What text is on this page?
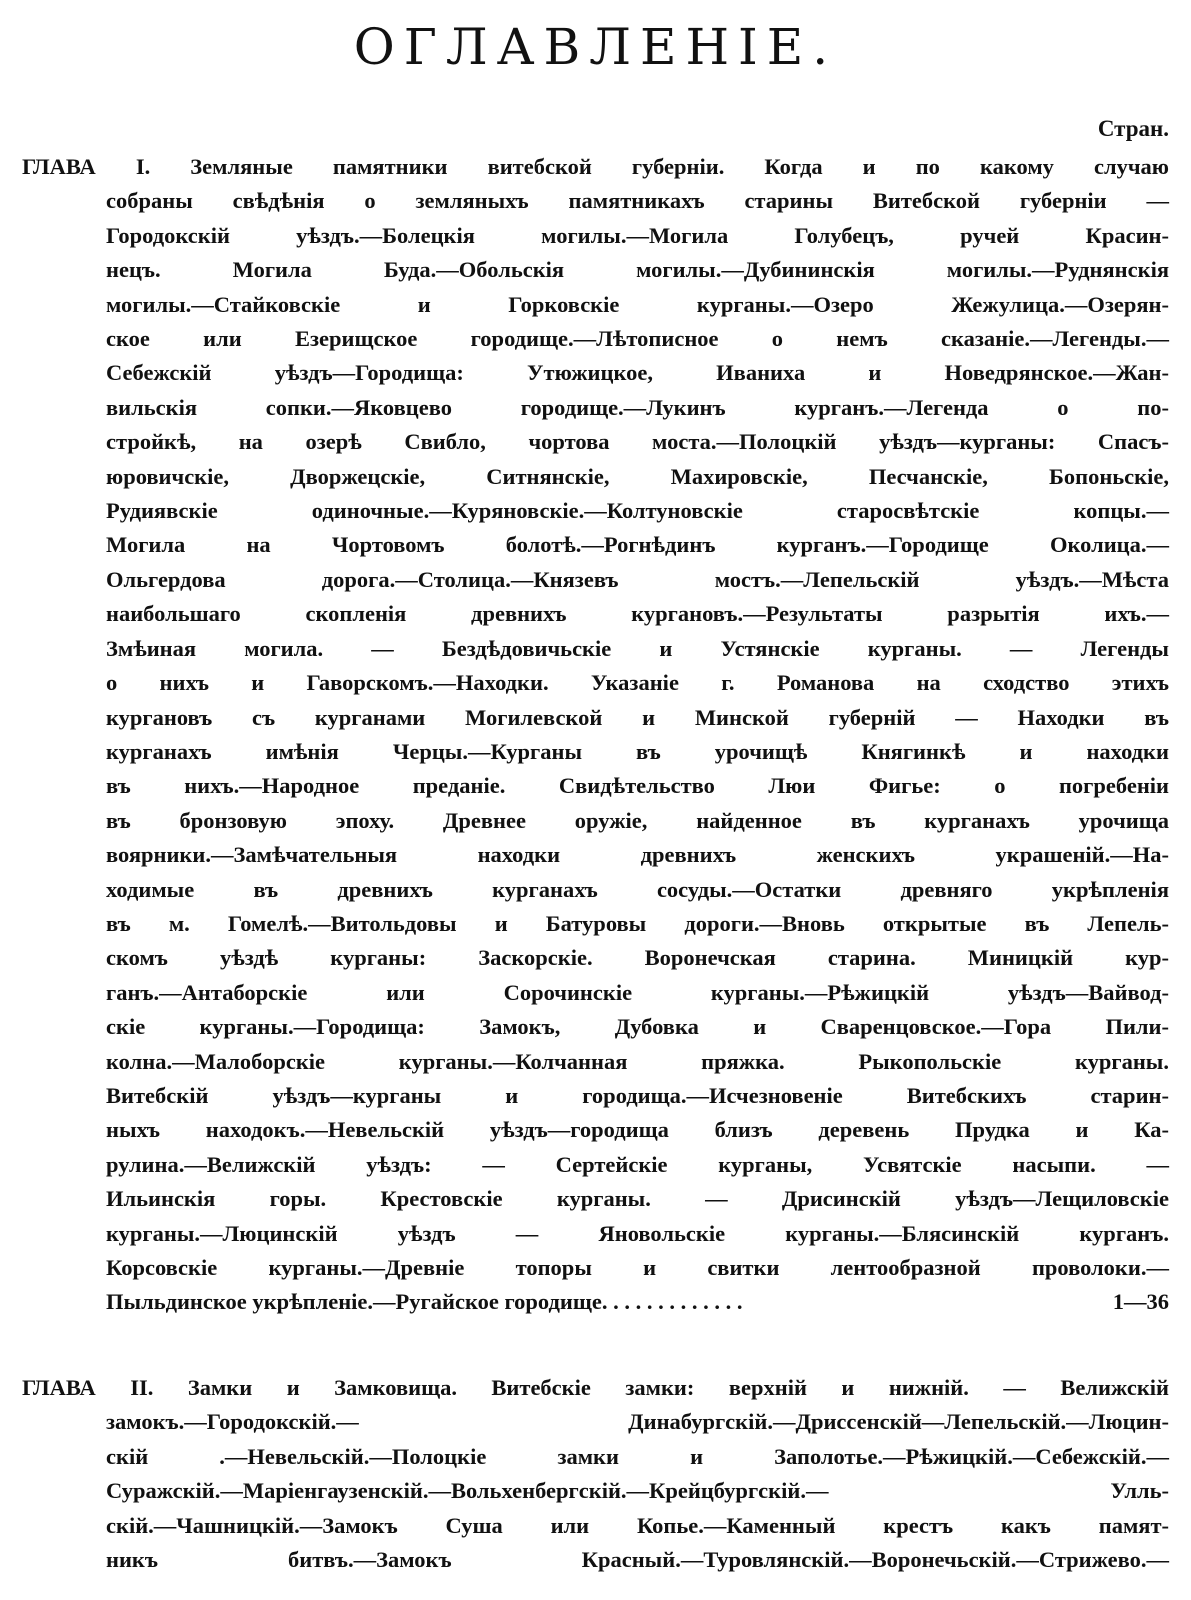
ОГЛАВЛЕНІЕ.
Стран.
ГЛАВА I. Земляные памятники витебской губерніи. Когда и по какому случаю
собраны свѣдѣнія о земляныхъ памятникахъ старины Витебской губерніи —
Городокскій уѣздъ.—Болецкія могилы.—Могила Голубецъ, ручей Красин-
нецъ. Могила Буда.—Обольскія могилы.—Дубининскія могилы.—Руднянскія
могилы.—Стайковскіе и Горковскіе курганы.—Озеро Жежулица.—Озерян-
ское или Езерищское городище.—Лѣтописное о немъ сказаніе.—Легенды.—
Себежскій уѣздъ—Городища: Утюжицкое, Иваниха и Новедрянское.—Жан-
вильскія сопки.—Яковцево городище.—Лукинъ курганъ.—Легенда о по-
стройкѣ, на озерѣ Свибло, чортова моста.—Полоцкій уѣздъ—курганы: Спасъ-
юровичскіе, Дворжецскіе, Ситнянскіе, Махировскіе, Песчанскіе, Бопоньскіе,
Рудиявскіе одиночные.—Куряновскіе.—Колтуновскіе старосвѣтскіе копцы.—
Могила на Чортовомъ болотѣ.—Рогнѣдинъ курганъ.—Городище Околица.—
Ольгердова дорога.—Столица.—Князевъ мостъ.—Лепельскій уѣздъ.—Мѣста
наибольшаго скопленія древнихъ кургановъ.—Результаты разрытія ихъ.—
Змѣиная могила. — Бездѣдовичьскіе и Устянскіе курганы. — Легенды
о нихъ и Гаворскомъ.—Находки. Указаніе г. Романова на сходство этихъ
кургановъ съ курганами Могилевской и Минской губерній — Находки въ
курганахъ имѣнія Черцы.—Курганы въ урочищѣ Княгинкѣ и находки
въ нихъ.—Народное преданіе. Свидѣтельство Люи Фигье: о погребеніи
въ бронзовую эпоху. Древнее оружіе, найденное въ курганахъ урочища
воярники.—Замѣчательныя находки древнихъ женскихъ украшеній.—На-
ходимые въ древнихъ курганахъ сосуды.—Остатки древняго укрѣпленія
въ м. Гомелѣ.—Витольдовы и Батуровы дороги.—Вновь открытые въ Лепель-
скомъ уѣздѣ курганы: Заскорскіе. Воронечская старина. Миницкій кур-
ганъ.—Антаборскіе или Сорочинскіе курганы.—Рѣжицкій уѣздъ—Вайвод-
скіе курганы.—Городища: Замокъ, Дубовка и Сваренцовское.—Гора Пили-
колна.—Малоборскіе курганы.—Колчанная пряжка. Рыкопольскіе курганы.
Витебскій уѣздъ—курганы и городища.—Исчезновеніе Витебскихъ старин-
ныхъ находокъ.—Невельскій уѣздъ—городища близъ деревень Прудка и Ка-
рулина.—Велижскій уѣздъ: — Сертейскіе курганы, Усвятскіе насыпи. —
Ильинскія горы. Крестовскіе курганы. — Дрисинскій уѣздъ—Лещиловскіе
курганы.—Люцинскій уѣздъ — Яновольскіе курганы.—Блясинскій курганъ.
Корсовскіе курганы.—Древніе топоры и свитки лентообразной проволоки.—
Пыльдинское укрѣпленіе.—Ругайское городище. . . . . . . . . . . . .	1—36
ГЛАВА II. Замки и Замковища. Витебскіе замки: верхній и нижній. — Велижскій
замокъ.—Городокскій.— Динабургскій.—Дриссенскій—Лепельскій.—Люцин-
скій .—Невельскій.—Полоцкіе замки и Заполотье.—Рѣжицкій.—Себежскій.—
Суражскій.—Маріенгаузенскій.—Вольхенбергскій.—Крейцбургскій.— Улль-
скій.—Чашницкій.—Замокъ Суша или Копье.—Каменный крестъ какъ памят-
никъ битвъ.—Замокъ Красный.—Туровлянскій.—Воронечьскій.—Стрижево.—
